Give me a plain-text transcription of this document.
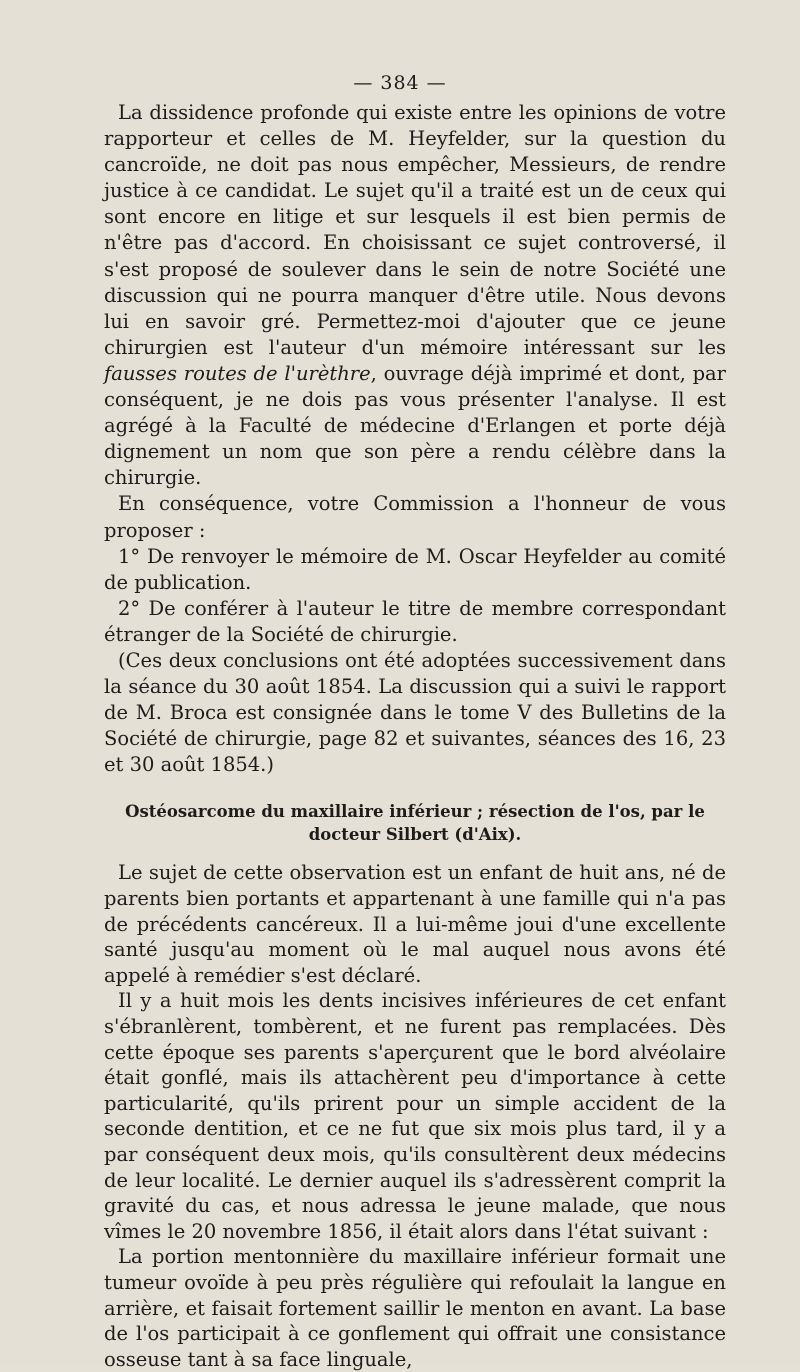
— 384 —

La dissidence profonde qui existe entre les opinions de votre rapporteur et celles de M. Heyfelder, sur la question du cancroïde, ne doit pas nous empêcher, Messieurs, de rendre justice à ce candidat. Le sujet qu'il a traité est un de ceux qui sont encore en litige et sur lesquels il est bien permis de n'être pas d'accord. En choisissant ce sujet controversé, il s'est proposé de soulever dans le sein de notre Société une discussion qui ne pourra manquer d'être utile. Nous devons lui en savoir gré. Permettez-moi d'ajouter que ce jeune chirurgien est l'auteur d'un mémoire intéressant sur les fausses routes de l'urèthre, ouvrage déjà imprimé et dont, par conséquent, je ne dois pas vous présenter l'analyse. Il est agrégé à la Faculté de médecine d'Erlangen et porte déjà dignement un nom que son père a rendu célèbre dans la chirurgie.

En conséquence, votre Commission a l'honneur de vous proposer :

1° De renvoyer le mémoire de M. Oscar Heyfelder au comité de publication.

2° De conférer à l'auteur le titre de membre correspondant étranger de la Société de chirurgie.

(Ces deux conclusions ont été adoptées successivement dans la séance du 30 août 1854. La discussion qui a suivi le rapport de M. Broca est consignée dans le tome V des Bulletins de la Société de chirurgie, page 82 et suivantes, séances des 16, 23 et 30 août 1854.)

Ostéosarcome du maxillaire inférieur ; résection de l'os, par le docteur Silbert (d'Aix).

Le sujet de cette observation est un enfant de huit ans, né de parents bien portants et appartenant à une famille qui n'a pas de précédents cancéreux. Il a lui-même joui d'une excellente santé jusqu'au moment où le mal auquel nous avons été appelé à remédier s'est déclaré.

Il y a huit mois les dents incisives inférieures de cet enfant s'ébranlèrent, tombèrent, et ne furent pas remplacées. Dès cette époque ses parents s'aperçurent que le bord alvéolaire était gonflé, mais ils attachèrent peu d'importance à cette particularité, qu'ils prirent pour un simple accident de la seconde dentition, et ce ne fut que six mois plus tard, il y a par conséquent deux mois, qu'ils consultèrent deux médecins de leur localité. Le dernier auquel ils s'adressèrent comprit la gravité du cas, et nous adressa le jeune malade, que nous vîmes le 20 novembre 1856, il était alors dans l'état suivant :

La portion mentonnière du maxillaire inférieur formait une tumeur ovoïde à peu près régulière qui refoulait la langue en arrière, et faisait fortement saillir le menton en avant. La base de l'os participait à ce gonflement qui offrait une consistance osseuse tant à sa face linguale,
